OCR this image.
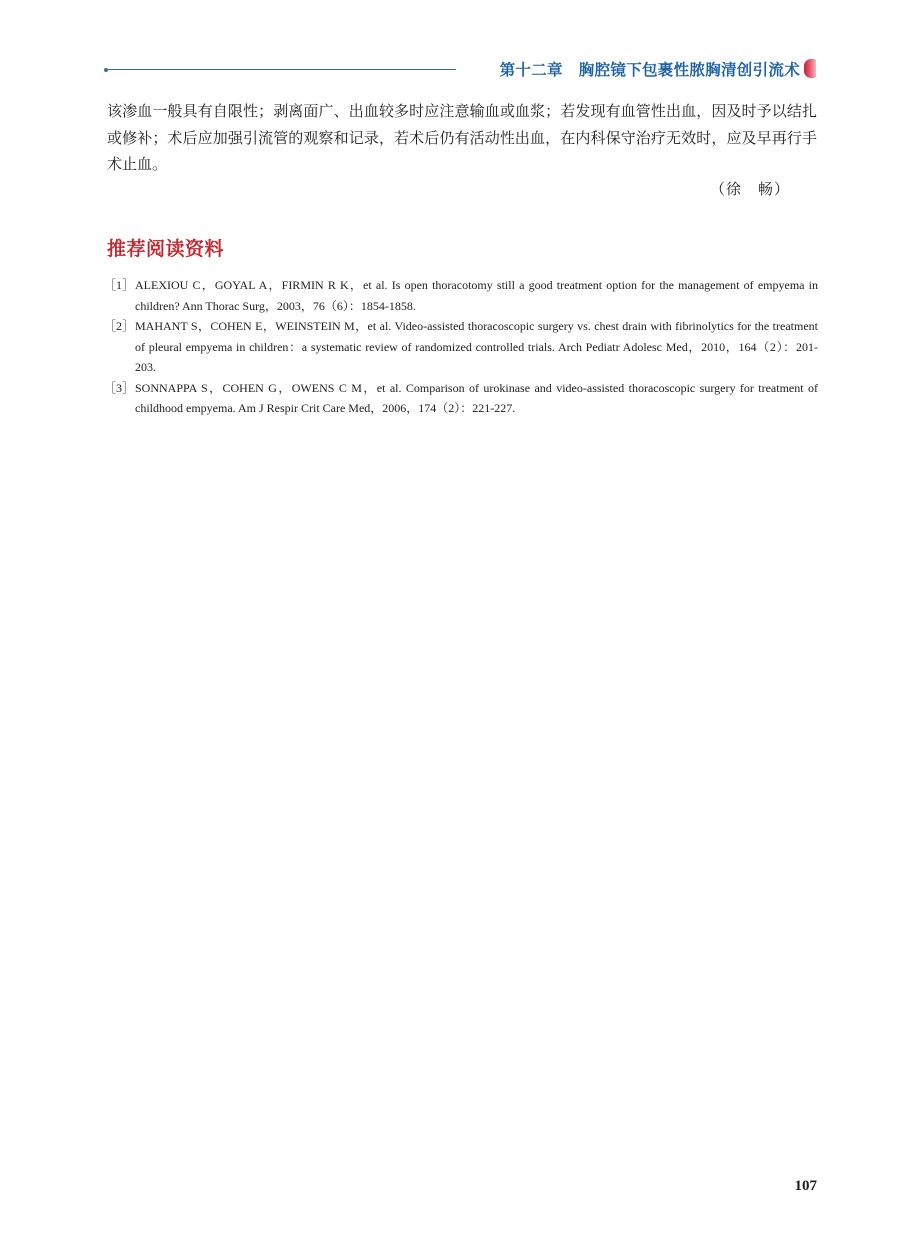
第十二章 胸腔镜下包裹性脓胸清创引流术

该渗血一般具有自限性；剥离面广、出血较多时应注意输血或血浆；若发现有血管性出血，因及时予以结扎或修补；术后应加强引流管的观察和记录，若术后仍有活动性出血，在内科保守治疗无效时，应及早再行手术止血。

（徐　畅）
推荐阅读资料
［1］ ALEXIOU C，GOYAL A，FIRMIN R K，et al. Is open thoracotomy still a good treatment option for the management of empyema in children? Ann Thorac Surg，2003，76（6）：1854-1858.
［2］ MAHANT S，COHEN E，WEINSTEIN M，et al. Video-assisted thoracoscopic surgery vs. chest drain with fibrinolytics for the treatment of pleural empyema in children：a systematic review of randomized controlled trials. Arch Pediatr Adolesc Med，2010，164（2）：201-203.
［3］ SONNAPPA S，COHEN G，OWENS C M，et al. Comparison of urokinase and video-assisted thoracoscopic surgery for treatment of childhood empyema. Am J Respir Crit Care Med，2006，174（2）：221-227.
107
